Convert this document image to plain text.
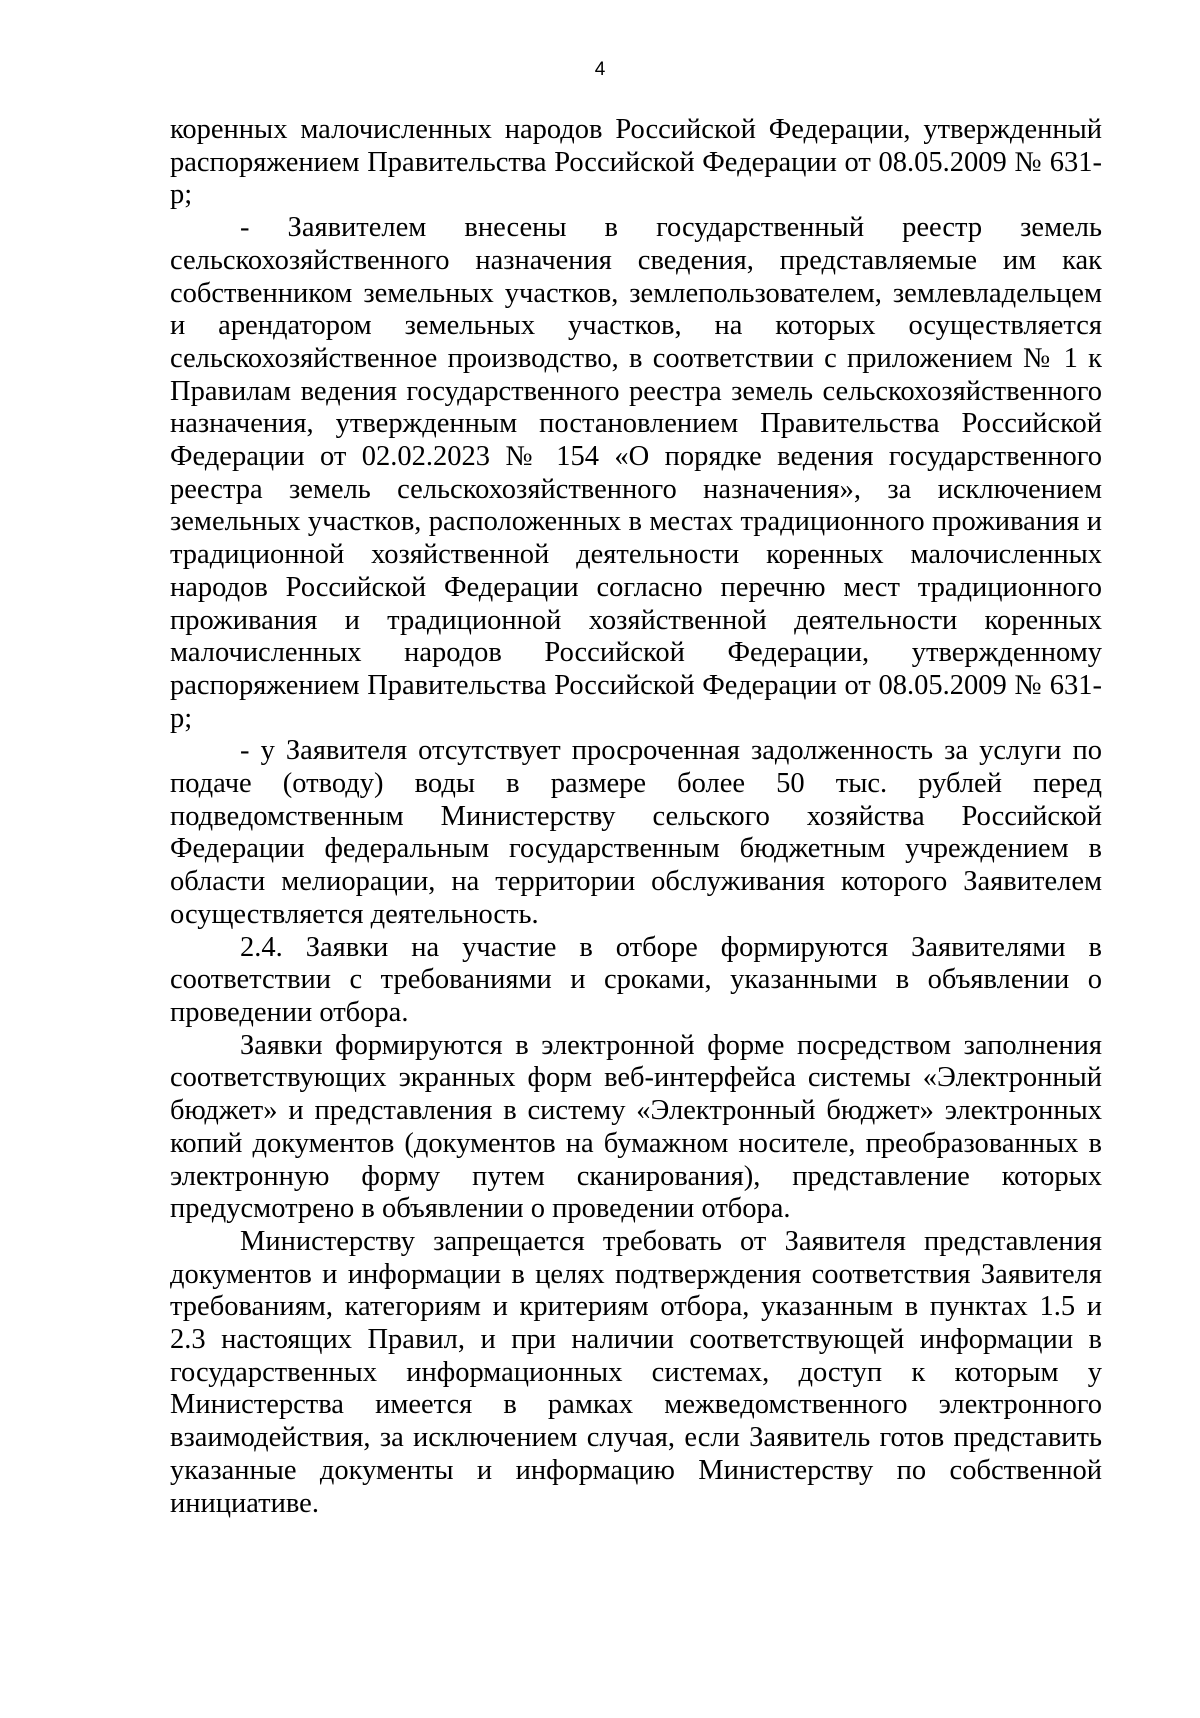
4

коренных малочисленных народов Российской Федерации, утвержденный распоряжением Правительства Российской Федерации от 08.05.2009 № 631-р;

- Заявителем внесены в государственный реестр земель сельскохозяйственного назначения сведения, представляемые им как собственником земельных участков, землепользователем, землевладельцем и арендатором земельных участков, на которых осуществляется сельскохозяйственное производство, в соответствии с приложением № 1 к Правилам ведения государственного реестра земель сельскохозяйственного назначения, утвержденным постановлением Правительства Российской Федерации от 02.02.2023 № 154 «О порядке ведения государственного реестра земель сельскохозяйственного назначения», за исключением земельных участков, расположенных в местах традиционного проживания и традиционной хозяйственной деятельности коренных малочисленных народов Российской Федерации согласно перечню мест традиционного проживания и традиционной хозяйственной деятельности коренных малочисленных народов Российской Федерации, утвержденному распоряжением Правительства Российской Федерации от 08.05.2009 № 631-р;

- у Заявителя отсутствует просроченная задолженность за услуги по подаче (отводу) воды в размере более 50 тыс. рублей перед подведомственным Министерству сельского хозяйства Российской Федерации федеральным государственным бюджетным учреждением в области мелиорации, на территории обслуживания которого Заявителем осуществляется деятельность.

2.4. Заявки на участие в отборе формируются Заявителями в соответствии с требованиями и сроками, указанными в объявлении о проведении отбора.

Заявки формируются в электронной форме посредством заполнения соответствующих экранных форм веб-интерфейса системы «Электронный бюджет» и представления в систему «Электронный бюджет» электронных копий документов (документов на бумажном носителе, преобразованных в электронную форму путем сканирования), представление которых предусмотрено в объявлении о проведении отбора.

Министерству запрещается требовать от Заявителя представления документов и информации в целях подтверждения соответствия Заявителя требованиям, категориям и критериям отбора, указанным в пунктах 1.5 и 2.3 настоящих Правил, и при наличии соответствующей информации в государственных информационных системах, доступ к которым у Министерства имеется в рамках межведомственного электронного взаимодействия, за исключением случая, если Заявитель готов представить указанные документы и информацию Министерству по собственной инициативе.
